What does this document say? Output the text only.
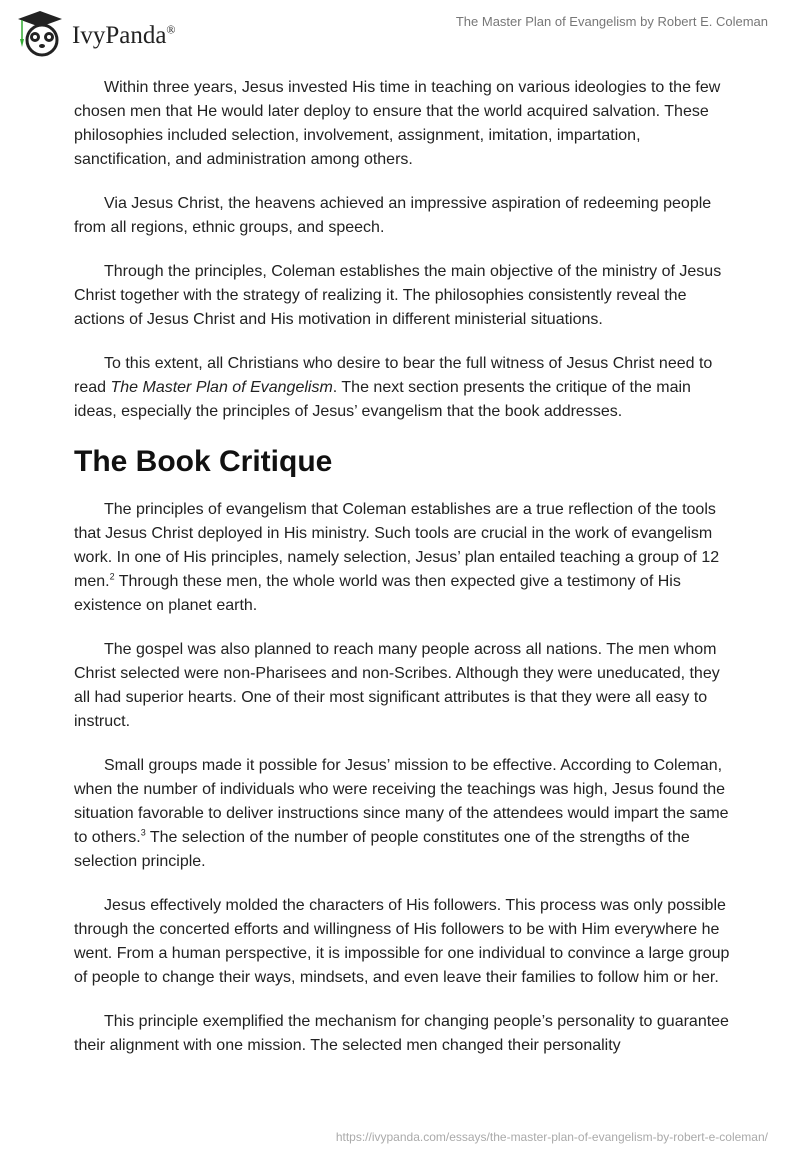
IvyPanda®
The Master Plan of Evangelism by Robert E. Coleman

Within three years, Jesus invested His time in teaching on various ideologies to the few chosen men that He would later deploy to ensure that the world acquired salvation. These philosophies included selection, involvement, assignment, imitation, impartation, sanctification, and administration among others.

Via Jesus Christ, the heavens achieved an impressive aspiration of redeeming people from all regions, ethnic groups, and speech.

Through the principles, Coleman establishes the main objective of the ministry of Jesus Christ together with the strategy of realizing it. The philosophies consistently reveal the actions of Jesus Christ and His motivation in different ministerial situations.

To this extent, all Christians who desire to bear the full witness of Jesus Christ need to read The Master Plan of Evangelism. The next section presents the critique of the main ideas, especially the principles of Jesus’ evangelism that the book addresses.

The Book Critique

The principles of evangelism that Coleman establishes are a true reflection of the tools that Jesus Christ deployed in His ministry. Such tools are crucial in the work of evangelism work. In one of His principles, namely selection, Jesus’ plan entailed teaching a group of 12 men.$^2$ Through these men, the whole world was then expected give a testimony of His existence on planet earth.

The gospel was also planned to reach many people across all nations. The men whom Christ selected were non-Pharisees and non-Scribes. Although they were uneducated, they all had superior hearts. One of their most significant attributes is that they were all easy to instruct.

Small groups made it possible for Jesus’ mission to be effective. According to Coleman, when the number of individuals who were receiving the teachings was high, Jesus found the situation favorable to deliver instructions since many of the attendees would impart the same to others.$^3$ The selection of the number of people constitutes one of the strengths of the selection principle.

Jesus effectively molded the characters of His followers. This process was only possible through the concerted efforts and willingness of His followers to be with Him everywhere he went. From a human perspective, it is impossible for one individual to convince a large group of people to change their ways, mindsets, and even leave their families to follow him or her.

This principle exemplified the mechanism for changing people’s personality to guarantee their alignment with one mission. The selected men changed their personality

https://ivypanda.com/essays/the-master-plan-of-evangelism-by-robert-e-coleman/
